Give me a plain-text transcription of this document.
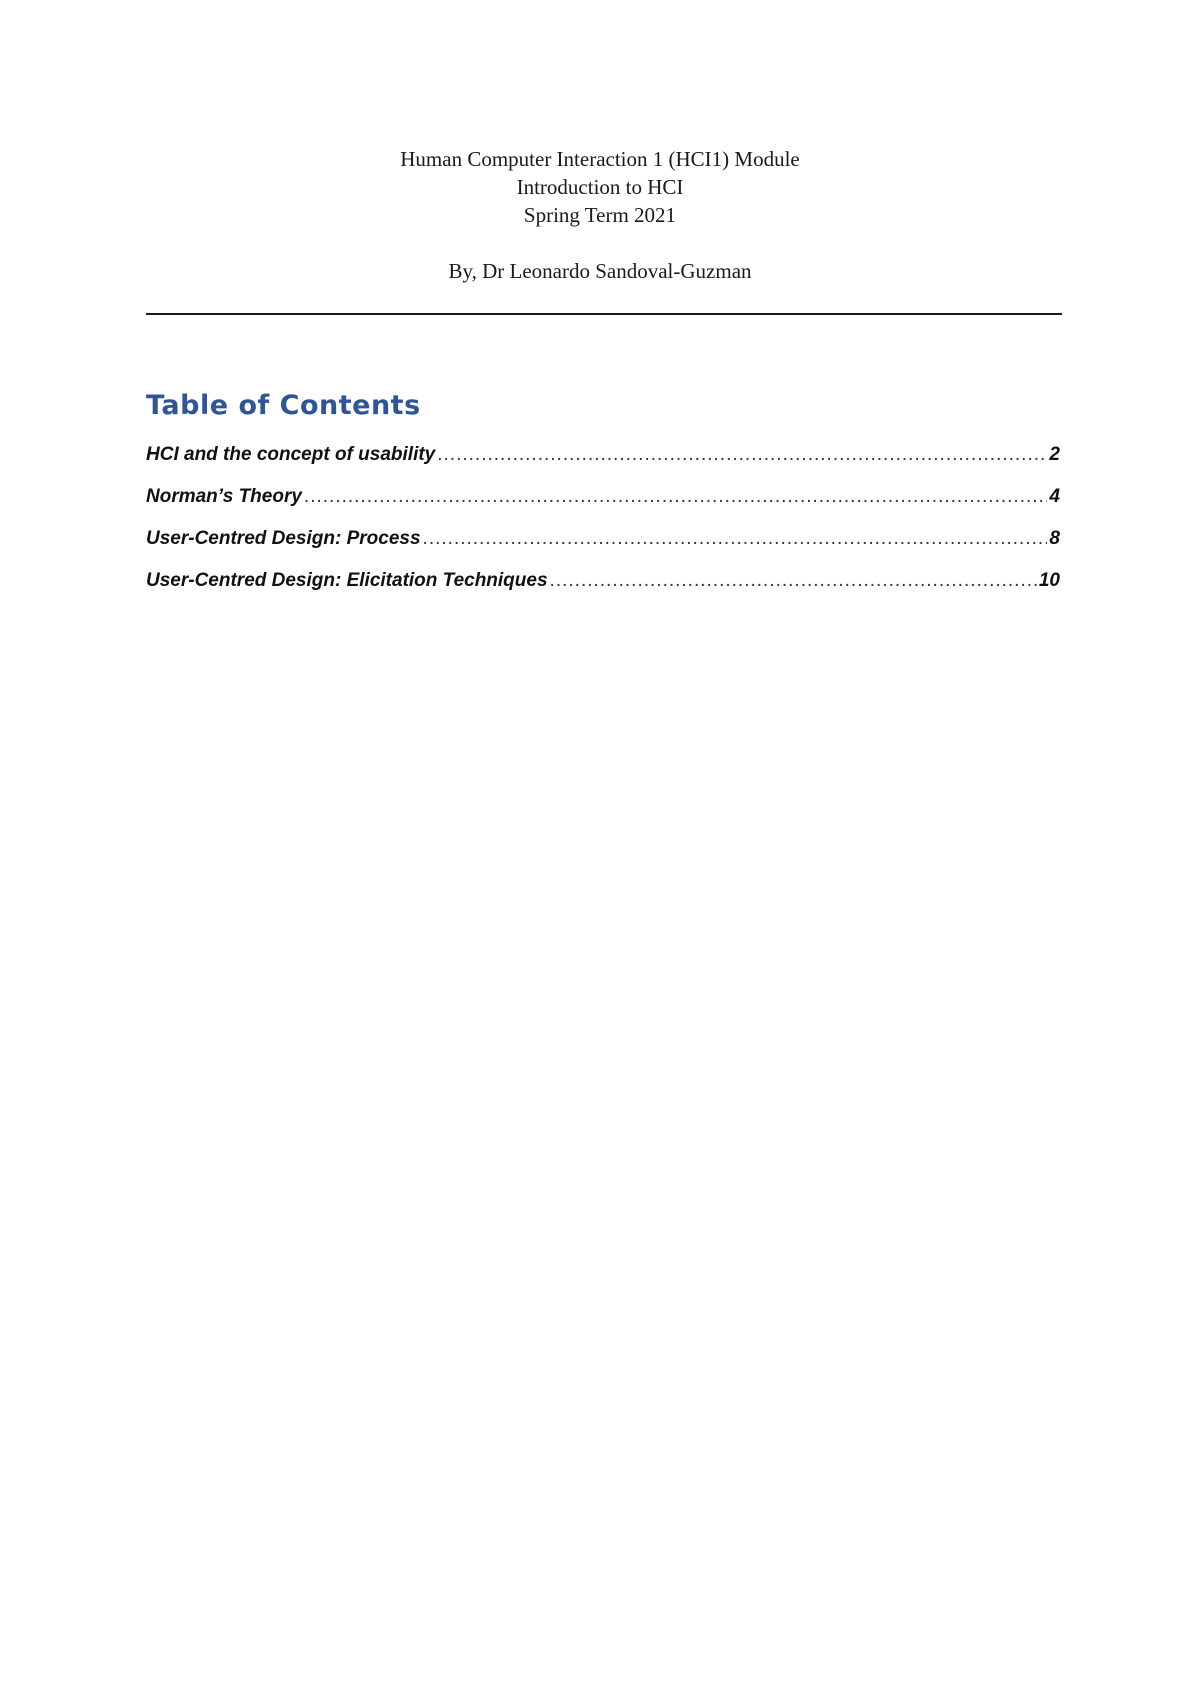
Human Computer Interaction 1 (HCI1) Module
Introduction to HCI
Spring Term 2021
By, Dr Leonardo Sandoval-Guzman
Table of Contents
HCI and the concept of usability .....	2
Norman’s Theory .....	4
User-Centred Design: Process .....	8
User-Centred Design: Elicitation Techniques .....	10
